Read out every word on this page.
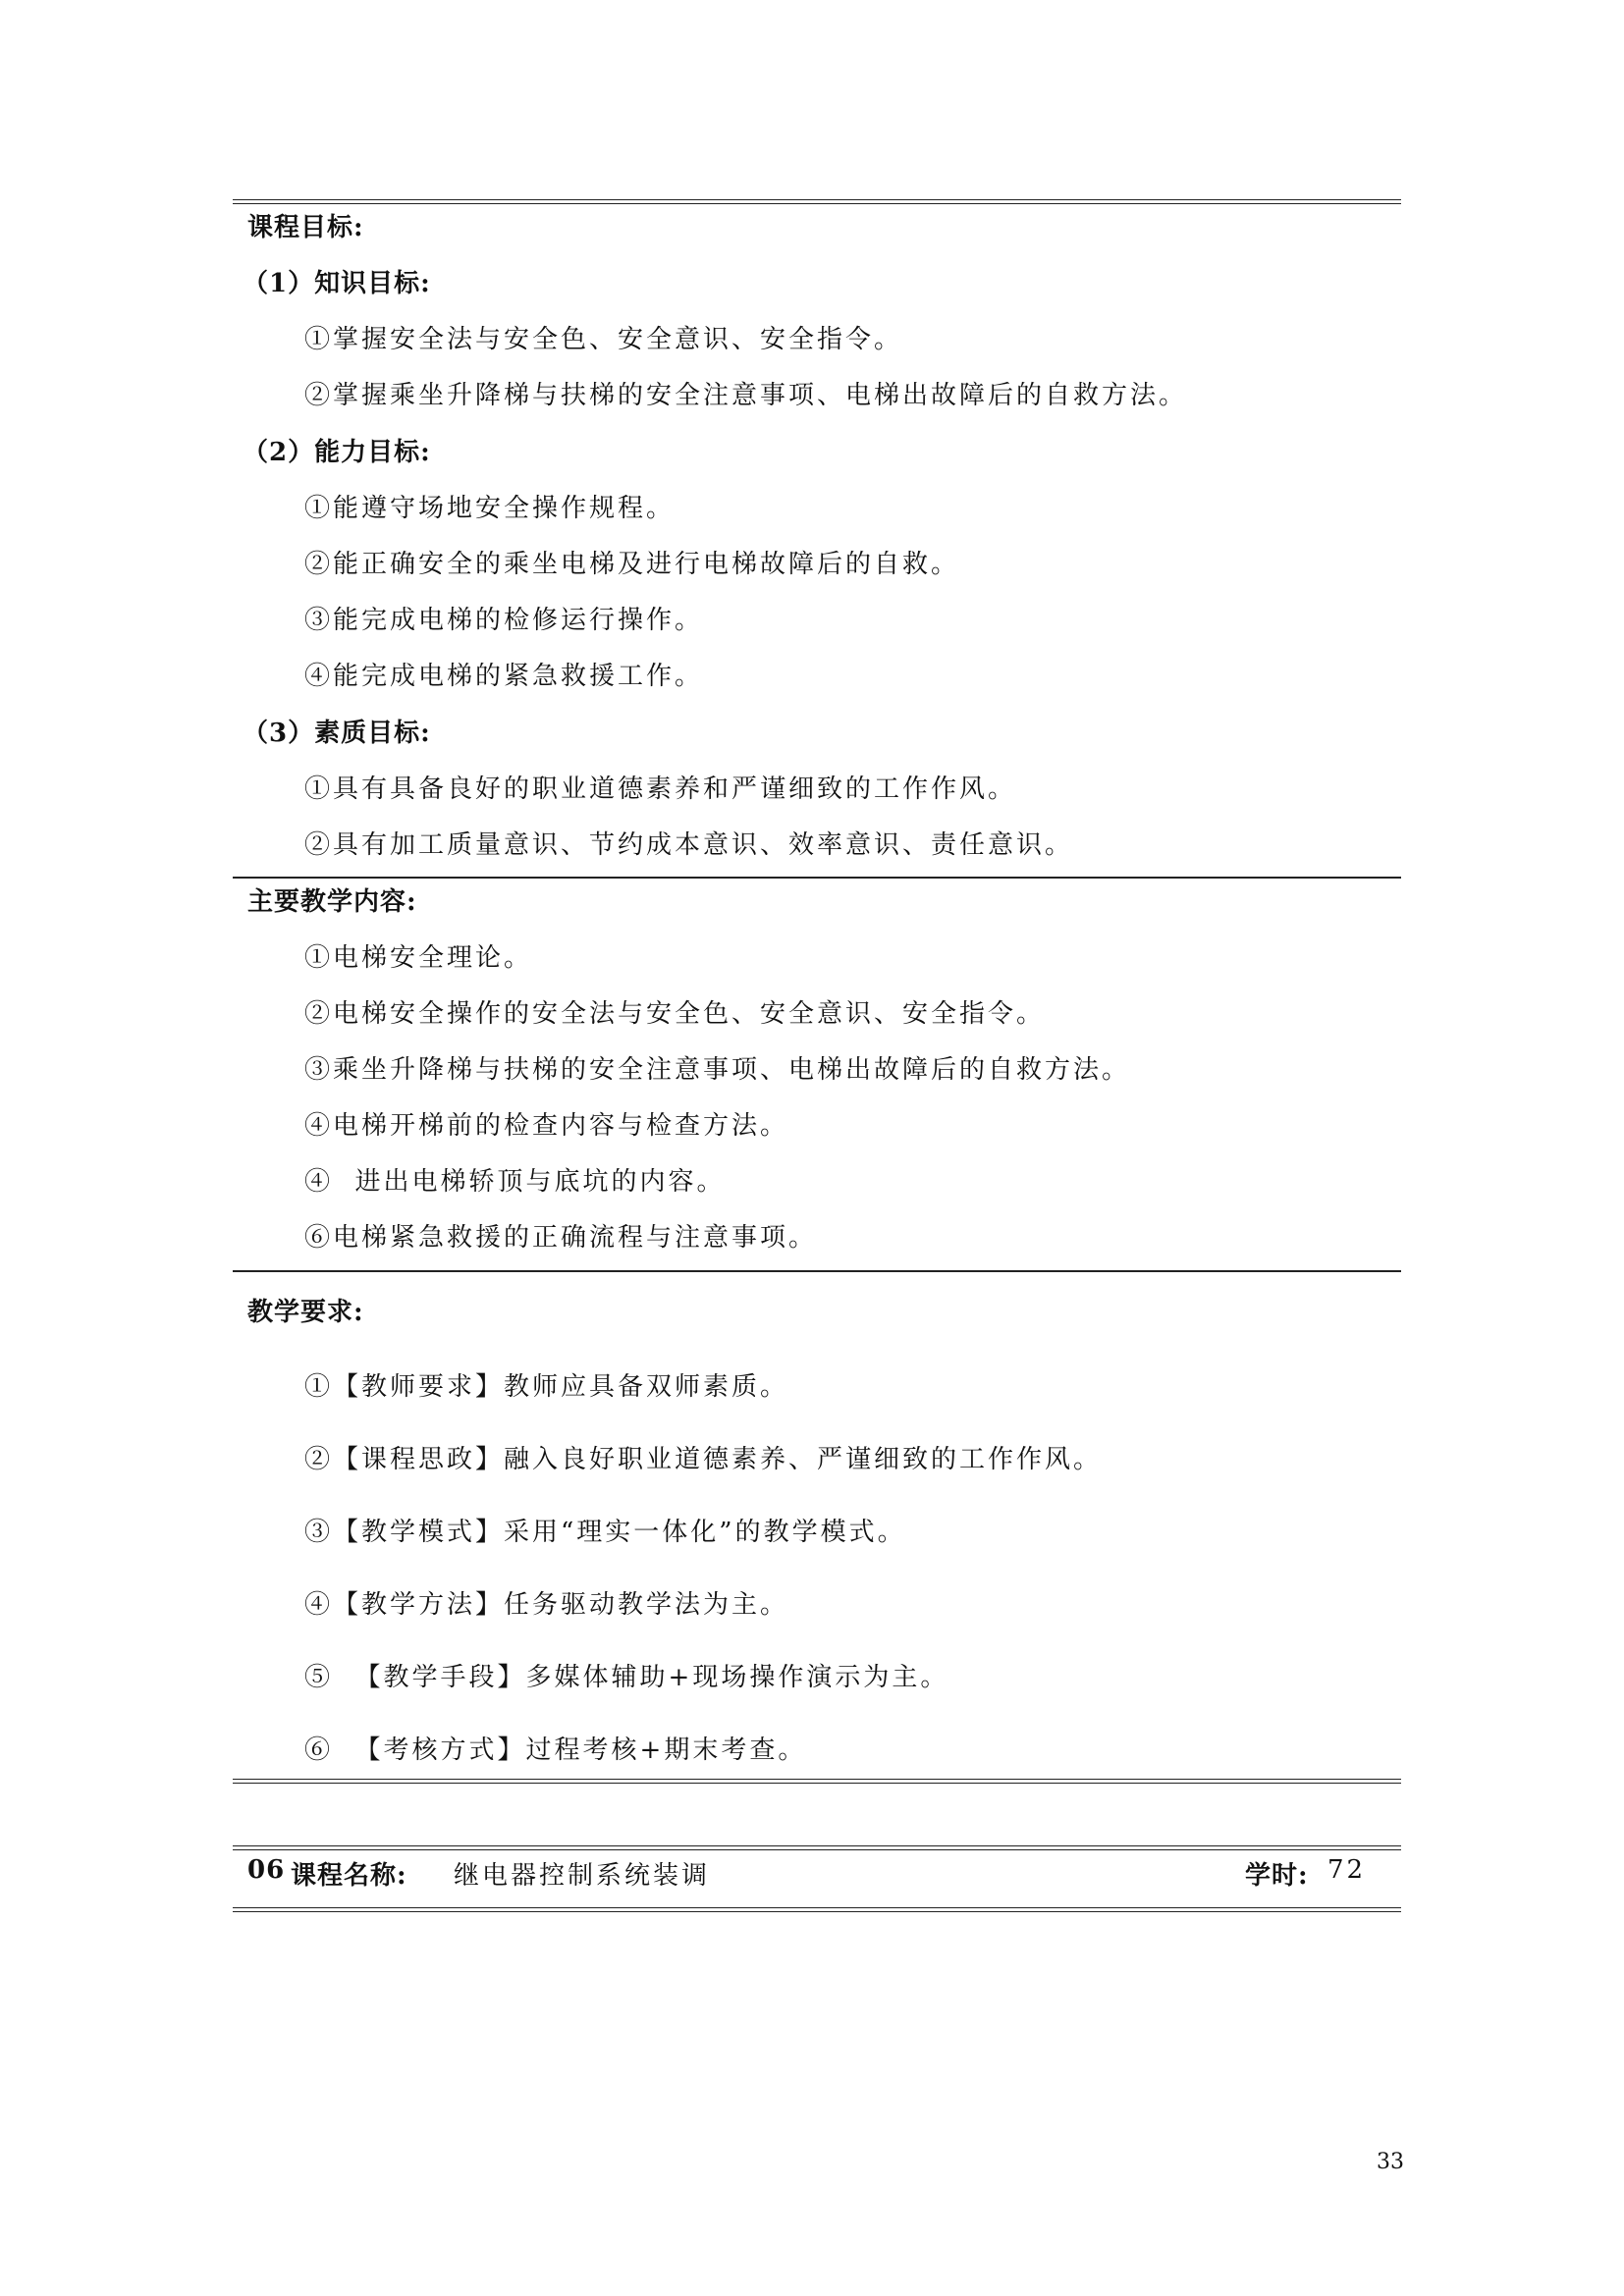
课程目标:
（1）知识目标:
①掌握安全法与安全色、安全意识、安全指令。
②掌握乘坐升降梯与扶梯的安全注意事项、电梯出故障后的自救方法。
（2）能力目标:
①能遵守场地安全操作规程。
②能正确安全的乘坐电梯及进行电梯故障后的自救。
③能完成电梯的检修运行操作。
④能完成电梯的紧急救援工作。
（3）素质目标:
①具有具备良好的职业道德素养和严谨细致的工作作风。
②具有加工质量意识、节约成本意识、效率意识、责任意识。
主要教学内容:
①电梯安全理论。
②电梯安全操作的安全法与安全色、安全意识、安全指令。
③乘坐升降梯与扶梯的安全注意事项、电梯出故障后的自救方法。
④电梯开梯前的检查内容与检查方法。
④  进出电梯轿顶与底坑的内容。
⑥电梯紧急救援的正确流程与注意事项。
教学要求:
①【教师要求】教师应具备双师素质。
②【课程思政】融入良好职业道德素养、严谨细致的工作作风。
③【教学模式】采用“理实一体化”的教学模式。
④【教学方法】任务驱动教学法为主。
⑤  【教学手段】多媒体辅助+现场操作演示为主。
⑥  【考核方式】过程考核+期末考查。
06 课程名称: 继电器控制系统装调	学时: 72
33
